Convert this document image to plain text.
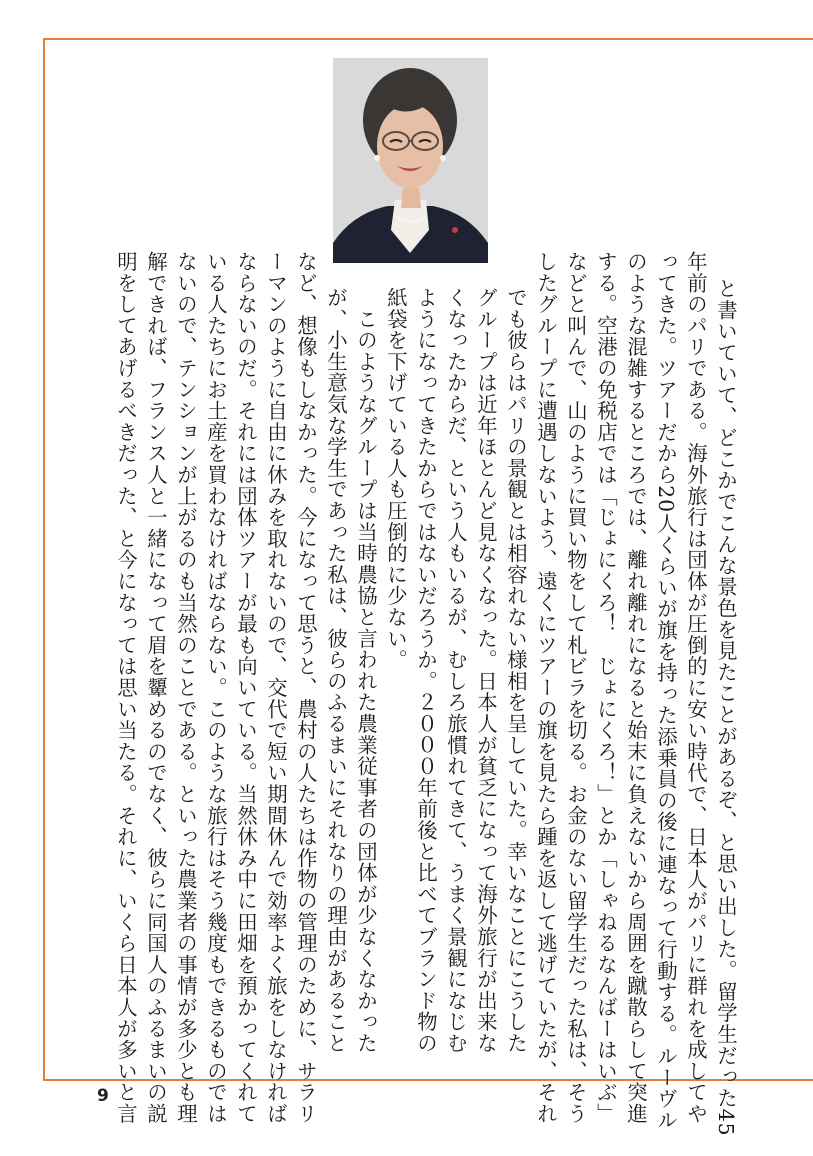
と書いていて、どこかでこんな景色を見たことがあるぞ、と思い出した。留学生だった45
年前のパリである。海外旅行は団体が圧倒的に安い時代で、日本人がパリに群れを成してや
ってきた。ツアーだから20人くらいが旗を持った添乗員の後に連なって行動する。ルーヴル
のような混雑するところでは、離れ離れになると始末に負えないから周囲を蹴散らして突進
する。空港の免税店では「じょにくろ！　じょにくろ！」とか「しゃねるなんばーはいぶ」
などと叫んで、山のように買い物をして札ビラを切る。お金のない留学生だった私は、そう
したグループに遭遇しないよう、遠くにツアーの旗を見たら踵を返して逃げていたが、それ
でも彼らはパリの景観とは相容れない様相を呈していた。幸いなことにこうした
グループは近年ほとんど見なくなった。日本人が貧乏になって海外旅行が出来な
くなったからだ、という人もいるが、むしろ旅慣れてきて、うまく景観になじむ
ようになってきたからではないだろうか。２０００年前後と比べてブランド物の
紙袋を下げている人も圧倒的に少ない。
　このようなグループは当時農協と言われた農業従事者の団体が少なくなかった
が、小生意気な学生であった私は、彼らのふるまいにそれなりの理由があること
など、想像もしなかった。今になって思うと、農村の人たちは作物の管理のために、サラリ
ーマンのように自由に休みを取れないので、交代で短い期間休んで効率よく旅をしなければ
ならないのだ。それには団体ツアーが最も向いている。当然休み中に田畑を預かってくれて
いる人たちにお土産を買わなければならない。このような旅行はそう幾度もできるものでは
ないので、テンションが上がるのも当然のことである。といった農業者の事情が多少とも理
解できれば、フランス人と一緒になって眉を顰めるのでなく、彼らに同国人のふるまいの説
明をしてあげるべきだった、と今になっては思い当たる。それに、いくら日本人が多いと言
9
